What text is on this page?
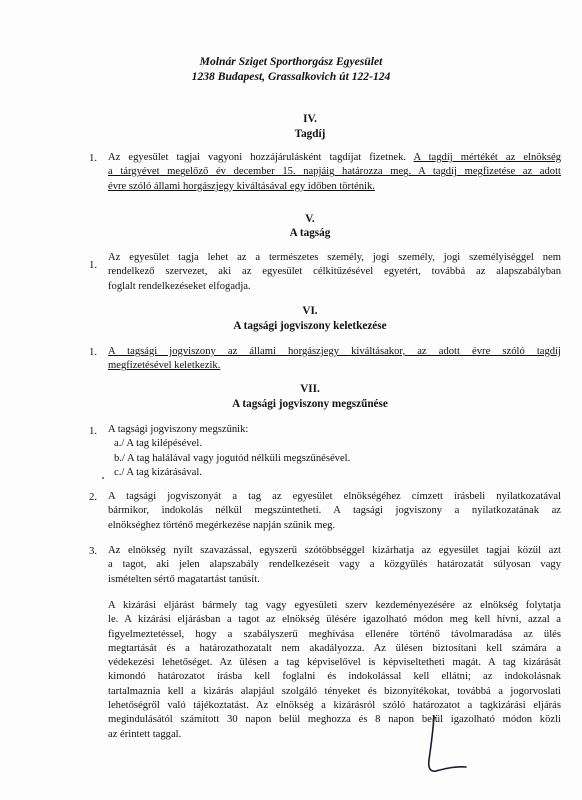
Molnár Sziget Sporthorgász Egyesület
1238 Budapest, Grassalkovich út 122-124
IV.
Tagdíj
1. Az egyesület tagjai vagyoni hozzájárulásként tagdíjat fizetnek. A tagdíj mértékét az elnökség
a tárgyévet megelőző év december 15. napjáig határozza meg. A tagdíj megfizetése az adott
évre szóló állami horgászjegy kiváltásával egy időben történik.
V.
A tagság
1.
Az egyesület tagja lehet az a természetes személy, jogi személy, jogi személyiséggel nem
rendelkező szervezet, aki az egyesület célkitűzésével egyetért, továbbá az alapszabályban
foglalt rendelkezéseket elfogadja.
VI.
A tagsági jogviszony keletkezése
1. A tagsági jogviszony az állami horgászjegy kiváltásakor, az adott évre szóló tagdíj
megfizetésével keletkezik.
VII.
A tagsági jogviszony megszűnése
1. A tagsági jogviszony megszűnik:
a./ A tag kilépésével.
b./ A tag halálával vagy jogutód nélküli megszűnésével.
c./ A tag kizárásával.
2. A tagsági jogviszonyát a tag az egyesület elnökségéhez címzett írásbeli nyilatkozatával
bármikor, indokolás nélkül megszüntetheti. A tagsági jogviszony a nyilatkozatának az
elnökséghez történő megérkezése napján szűnik meg.
3. Az elnökség nyílt szavazással, egyszerű szótöbbséggel kizárhatja az egyesület tagjai közül azt
a tagot, aki jelen alapszabály rendelkezéseit vagy a közgyűlés határozatát súlyosan vagy
ismételten sértő magatartást tanúsít.
A kizárási eljárást bármely tag vagy egyesületi szerv kezdeményezésére az elnökség folytatja
le. A kizárási eljárásban a tagot az elnökség ülésére igazolható módon meg kell hívni, azzal a
figyelmeztetéssel, hogy a szabályszerű meghívása ellenére történő távolmaradása az ülés
megtartását és a határozathozatalt nem akadályozza. Az ülésen biztosítani kell számára a
védekezési lehetőséget. Az ülésen a tag képviselővel is képviseltetheti magát. A tag kizárását
kimondó határozatot írásba kell foglalni és indokolással kell ellátni; az indokolásnak
tartalmaznia kell a kizárás alapjául szolgáló tényeket és bizonyítékokat, továbbá a jogorvoslati
lehetőségről való tájékoztatást. Az elnökség a kizárásról szóló határozatot a tagkizárási eljárás
megindulásától számított 30 napon belül meghozza és 8 napon belül igazolható módon közli
az érintett taggal.
